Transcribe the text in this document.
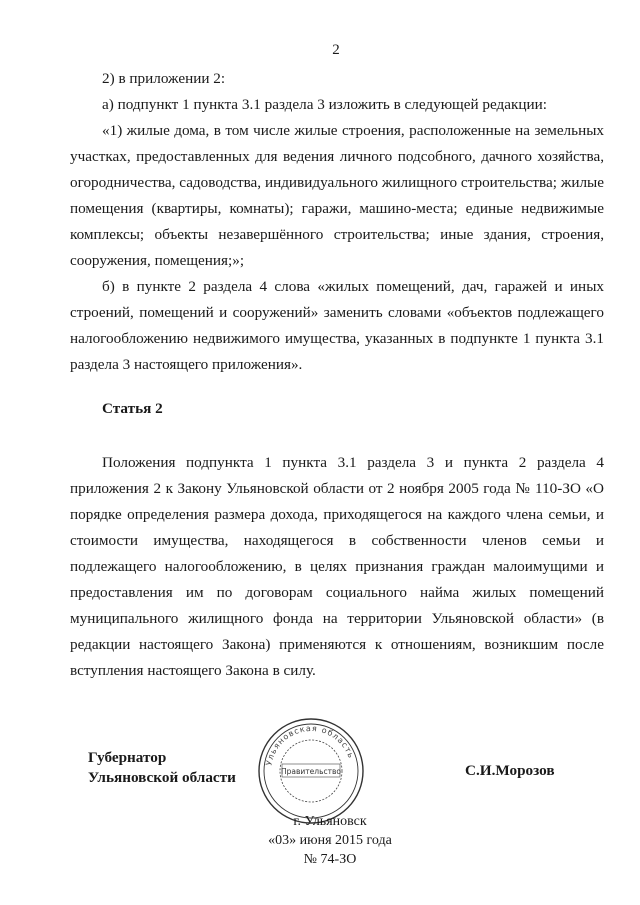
2

2) в приложении 2:

а) подпункт 1 пункта 3.1 раздела 3 изложить в следующей редакции:

«1) жилые дома, в том числе жилые строения, расположенные на земельных участках, предоставленных для ведения личного подсобного, дачного хозяйства, огородничества, садоводства, индивидуального жилищного строительства; жилые помещения (квартиры, комнаты); гаражи, машино-места; единые недвижимые комплексы; объекты незавершённого строительства; иные здания, строения, сооружения, помещения;»;

б) в пункте 2 раздела 4 слова «жилых помещений, дач, гаражей и иных строений, помещений и сооружений» заменить словами «объектов подлежащего налогообложению недвижимого имущества, указанных в подпункте 1 пункта 3.1 раздела 3 настоящего приложения».

Статья 2

Положения подпункта 1 пункта 3.1 раздела 3 и пункта 2 раздела 4 приложения 2 к Закону Ульяновской области от 2 ноября 2005 года № 110-ЗО «О порядке определения размера дохода, приходящегося на каждого члена семьи, и стоимости имущества, находящегося в собственности членов семьи и подлежащего налогообложению, в целях признания граждан малоимущими и предоставления им по договорам социального найма жилых помещений муниципального жилищного фонда на территории Ульяновской области» (в редакции настоящего Закона) применяются к отношениям, возникшим после вступления настоящего Закона в силу.

Губернатор
Ульяновской области
Ульяновская область
Правительство	С.И.Морозов
г. Ульяновск
«03» июня 2015 года
№ 74-ЗО
